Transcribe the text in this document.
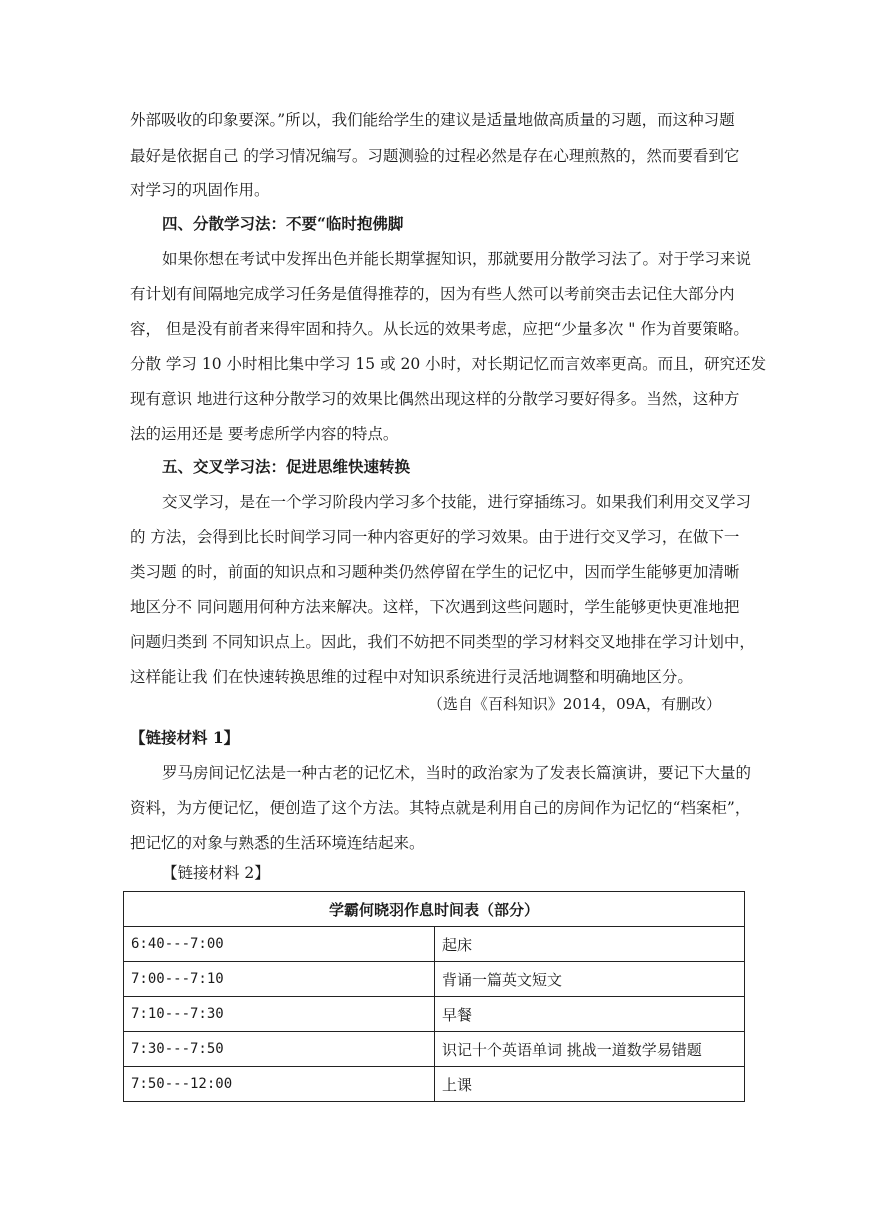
外部吸收的印象要深。”所以，我们能给学生的建议是适量地做高质量的习题，而这种习题
最好是依据自己 的学习情况编写。习题测验的过程必然是存在心理煎熬的，然而要看到它
对学习的巩固作用。
四、分散学习法：不要“临时抱佛脚
如果你想在考试中发挥出色并能长期掌握知识，那就要用分散学习法了。对于学习来说
有计划有间隔地完成学习任务是值得推荐的，因为有些人然可以考前突击去记住大部分内
容， 但是没有前者来得牢固和持久。从长远的效果考虑，应把“少量多次 " 作为首要策略。
分散 学习 10 小时相比集中学习 15 或 20 小时，对长期记忆而言效率更高。而且，研究还发
现有意识 地进行这种分散学习的效果比偶然出现这样的分散学习要好得多。当然，这种方
法的运用还是 要考虑所学内容的特点。
五、交叉学习法：促进思维快速转换
交叉学习，是在一个学习阶段内学习多个技能，进行穿插练习。如果我们利用交叉学习
的 方法，会得到比长时间学习同一种内容更好的学习效果。由于进行交叉学习，在做下一
类习题 的时，前面的知识点和习题种类仍然停留在学生的记忆中，因而学生能够更加清晰
地区分不 同问题用何种方法来解决。这样，下次遇到这些问题时，学生能够更快更准地把
问题归类到 不同知识点上。因此，我们不妨把不同类型的学习材料交叉地排在学习计划中，
这样能让我 们在快速转换思维的过程中对知识系统进行灵活地调整和明确地区分。
（选自《百科知识》2014，09A，有删改）
【链接材料 1】
罗马房间记忆法是一种古老的记忆术，当时的政治家为了发表长篇演讲，要记下大量的
资料，为方便记忆，便创造了这个方法。其特点就是利用自己的房间作为记忆的“档案柜”，
把记忆的对象与熟悉的生活环境连结起来。
【链接材料 2】
学霸何晓羽作息时间表（部分）	
6:40---7:00	起床
7:00---7:10	背诵一篇英文短文
7:10---7:30	早餐
7:30---7:50	识记十个英语单词 挑战一道数学易错题
7:50---12:00	上课
